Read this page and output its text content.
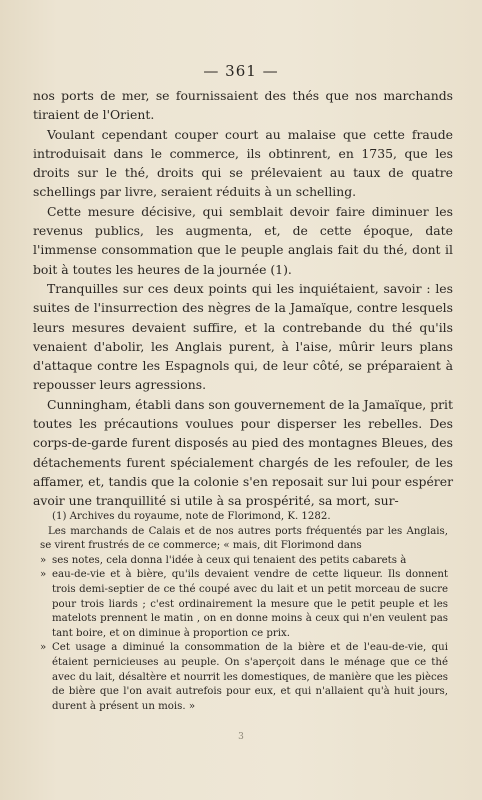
— 361 —

nos ports de mer, se fournissaient des thés que nos marchands tiraient de l'Orient.

Voulant cependant couper court au malaise que cette fraude introduisait dans le commerce, ils obtinrent, en 1735, que les droits sur le thé, droits qui se prélevaient au taux de quatre schellings par livre, seraient réduits à un schelling.

Cette mesure décisive, qui semblait devoir faire diminuer les revenus publics, les augmenta, et, de cette époque, date l'immense consommation que le peuple anglais fait du thé, dont il boit à toutes les heures de la journée (1).

Tranquilles sur ces deux points qui les inquiétaient, savoir : les suites de l'insurrection des nègres de la Jamaïque, contre lesquels leurs mesures devaient suffire, et la contrebande du thé qu'ils venaient d'abolir, les Anglais purent, à l'aise, mûrir leurs plans d'attaque contre les Espagnols qui, de leur côté, se préparaient à repousser leurs agressions.

Cunningham, établi dans son gouvernement de la Jamaïque, prit toutes les précautions voulues pour disperser les rebelles. Des corps-de-garde furent disposés au pied des montagnes Bleues, des détachements furent spécialement chargés de les refouler, de les affamer, et, tandis que la colonie s'en reposait sur lui pour espérer avoir une tranquillité si utile à sa prospérité, sa mort, sur-

(1) Archives du royaume, note de Florimond, K. 1282.

Les marchands de Calais et de nos autres ports fréquentés par les Anglais, se virent frustrés de ce commerce; « mais, dit Florimond dans

» ses notes, cela donna l'idée à ceux qui tenaient des petits cabarets à

» eau-de-vie et à bière, qu'ils devaient vendre de cette liqueur. Ils donnent trois demi-septier de ce thé coupé avec du lait et un petit morceau de sucre pour trois liards ; c'est ordinairement la mesure que le petit peuple et les matelots prennent le matin , on en donne moins à ceux qui n'en veulent pas tant boire, et on diminue à proportion ce prix.

» Cet usage a diminué la consommation de la bière et de l'eau-de-vie, qui étaient pernicieuses au peuple. On s'aperçoit dans le ménage que ce thé avec du lait, désaltère et nourrit les domestiques, de manière que les pièces de bière que l'on avait autrefois pour eux, et qui n'allaient qu'à huit jours, durent à présent un mois. »

3
